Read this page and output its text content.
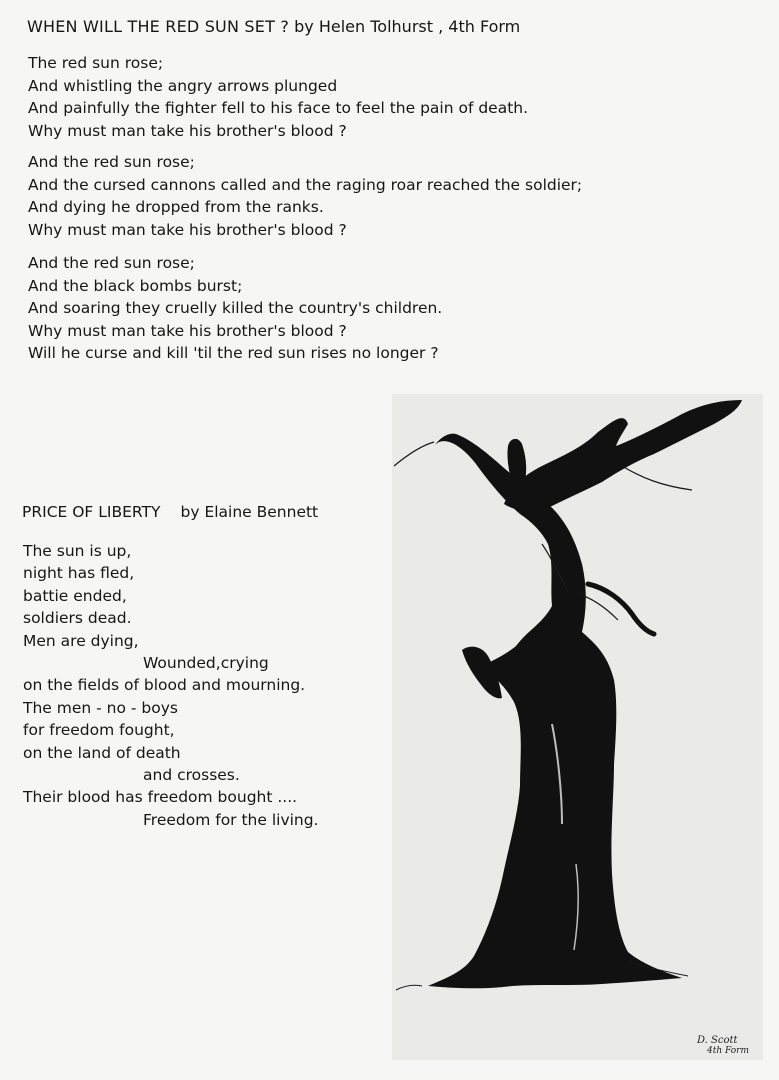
WHEN WILL THE RED SUN SET ? by Helen Tolhurst , 4th Form
The red sun rose;
And whistling the angry arrows plunged
And painfully the fighter fell to his face to feel the pain of death.
Why must man take his brother's blood ?
And the red sun rose;
And the cursed cannons called and the raging roar reached the soldier;
And dying he dropped from the ranks.
Why must man take his brother's blood ?
And the red sun rose;
And the black bombs burst;
And soaring they cruelly killed the country's children.
Why must man take his brother's blood ?
Will he curse and kill 'til the red sun rises no longer ?
PRICE OF LIBERTY by Elaine Bennett
The sun is up,
night has fled,
battie ended,
soldiers dead.
Men are dying,
Wounded,crying
on the fields of blood and mourning.
The men - no - boys
for freedom fought,
on the land of death
and crosses.
Their blood has freedom bought ....
Freedom for the living.
D. Scott
4th Form
